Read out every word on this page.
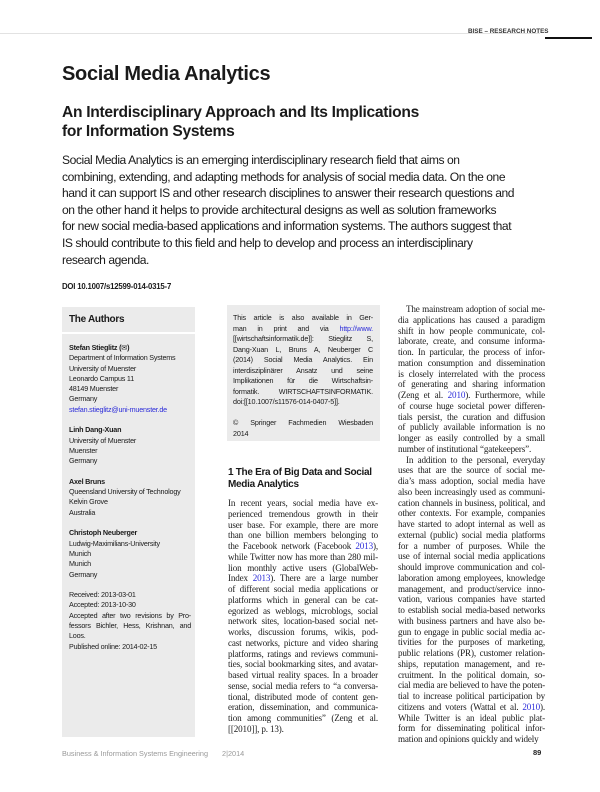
BISE – RESEARCH NOTES
Social Media Analytics
An Interdisciplinary Approach and Its Implications
for Information Systems
Social Media Analytics is an emerging interdisciplinary research field that aims on
combining, extending, and adapting methods for analysis of social media data. On the one
hand it can support IS and other research disciplines to answer their research questions and
on the other hand it helps to provide architectural designs as well as solution frameworks
for new social media-based applications and information systems. The authors suggest that
IS should contribute to this field and help to develop and process an interdisciplinary
research agenda.
DOI 10.1007/s12599-014-0315-7
The Authors
Stefan Stieglitz (✉)
Department of Information Systems
University of Muenster
Leonardo Campus 11
48149 Muenster
Germany
stefan.stieglitz@uni-muenster.de
Linh Dang-Xuan
University of Muenster
Muenster
Germany
Axel Bruns
Queensland University of Technology
Kelvin Grove
Australia
Christoph Neuberger
Ludwig-Maximilians-University
Munich
Munich
Germany
Received: 2013-03-01
Accepted: 2013-10-30
Accepted after two revisions by Pro-
fessors Bichler, Hess, Krishnan, and
Loos.
Published online: 2014-02-15
This article is also available in Ger-
man in print and via http://www.
[[wirtschaftsinformatik.de]]: Stieglitz S,
Dang-Xuan L, Bruns A, Neuberger C
(2014) Social Media Analytics. Ein
interdisziplinärer Ansatz und seine
Implikationen für die Wirtschaftsin-
formatik. WIRTSCHAFTSINFORMATIK.
doi:[[10.1007/s11576-014-0407-5]].
© Springer Fachmedien Wiesbaden
2014
1 The Era of Big Data and Social Media Analytics
In recent years, social media have ex-
perienced tremendous growth in their
user base. For example, there are more
than one billion members belonging to
the Facebook network (Facebook 2013),
while Twitter now has more than 280 mil-
lion monthly active users (GlobalWeb-
Index 2013). There are a large number
of different social media applications or
platforms which in general can be cat-
egorized as weblogs, microblogs, social
network sites, location-based social net-
works, discussion forums, wikis, pod-
cast networks, picture and video sharing
platforms, ratings and reviews communi-
ties, social bookmarking sites, and avatar-
based virtual reality spaces. In a broader
sense, social media refers to “a conversa-
tional, distributed mode of content gen-
eration, dissemination, and communica-
tion among communities” (Zeng et al.
[[2010]], p. 13).
The mainstream adoption of social me-
dia applications has caused a paradigm
shift in how people communicate, col-
laborate, create, and consume informa-
tion. In particular, the process of infor-
mation consumption and dissemination
is closely interrelated with the process
of generating and sharing information
(Zeng et al. 2010). Furthermore, while
of course huge societal power differen-
tials persist, the curation and diffusion
of publicly available information is no
longer as easily controlled by a small
number of institutional “gatekeepers”.
In addition to the personal, everyday
uses that are the source of social me-
dia’s mass adoption, social media have
also been increasingly used as communi-
cation channels in business, political, and
other contexts. For example, companies
have started to adopt internal as well as
external (public) social media platforms
for a number of purposes. While the
use of internal social media applications
should improve communication and col-
laboration among employees, knowledge
management, and product/service inno-
vation, various companies have started
to establish social media-based networks
with business partners and have also be-
gun to engage in public social media ac-
tivities for the purposes of marketing,
public relations (PR), customer relation-
ships, reputation management, and re-
cruitment. In the political domain, so-
cial media are believed to have the poten-
tial to increase political participation by
citizens and voters (Wattal et al. 2010).
While Twitter is an ideal public plat-
form for disseminating political infor-
mation and opinions quickly and widely
Business & Information Systems Engineering 2|2014	89
